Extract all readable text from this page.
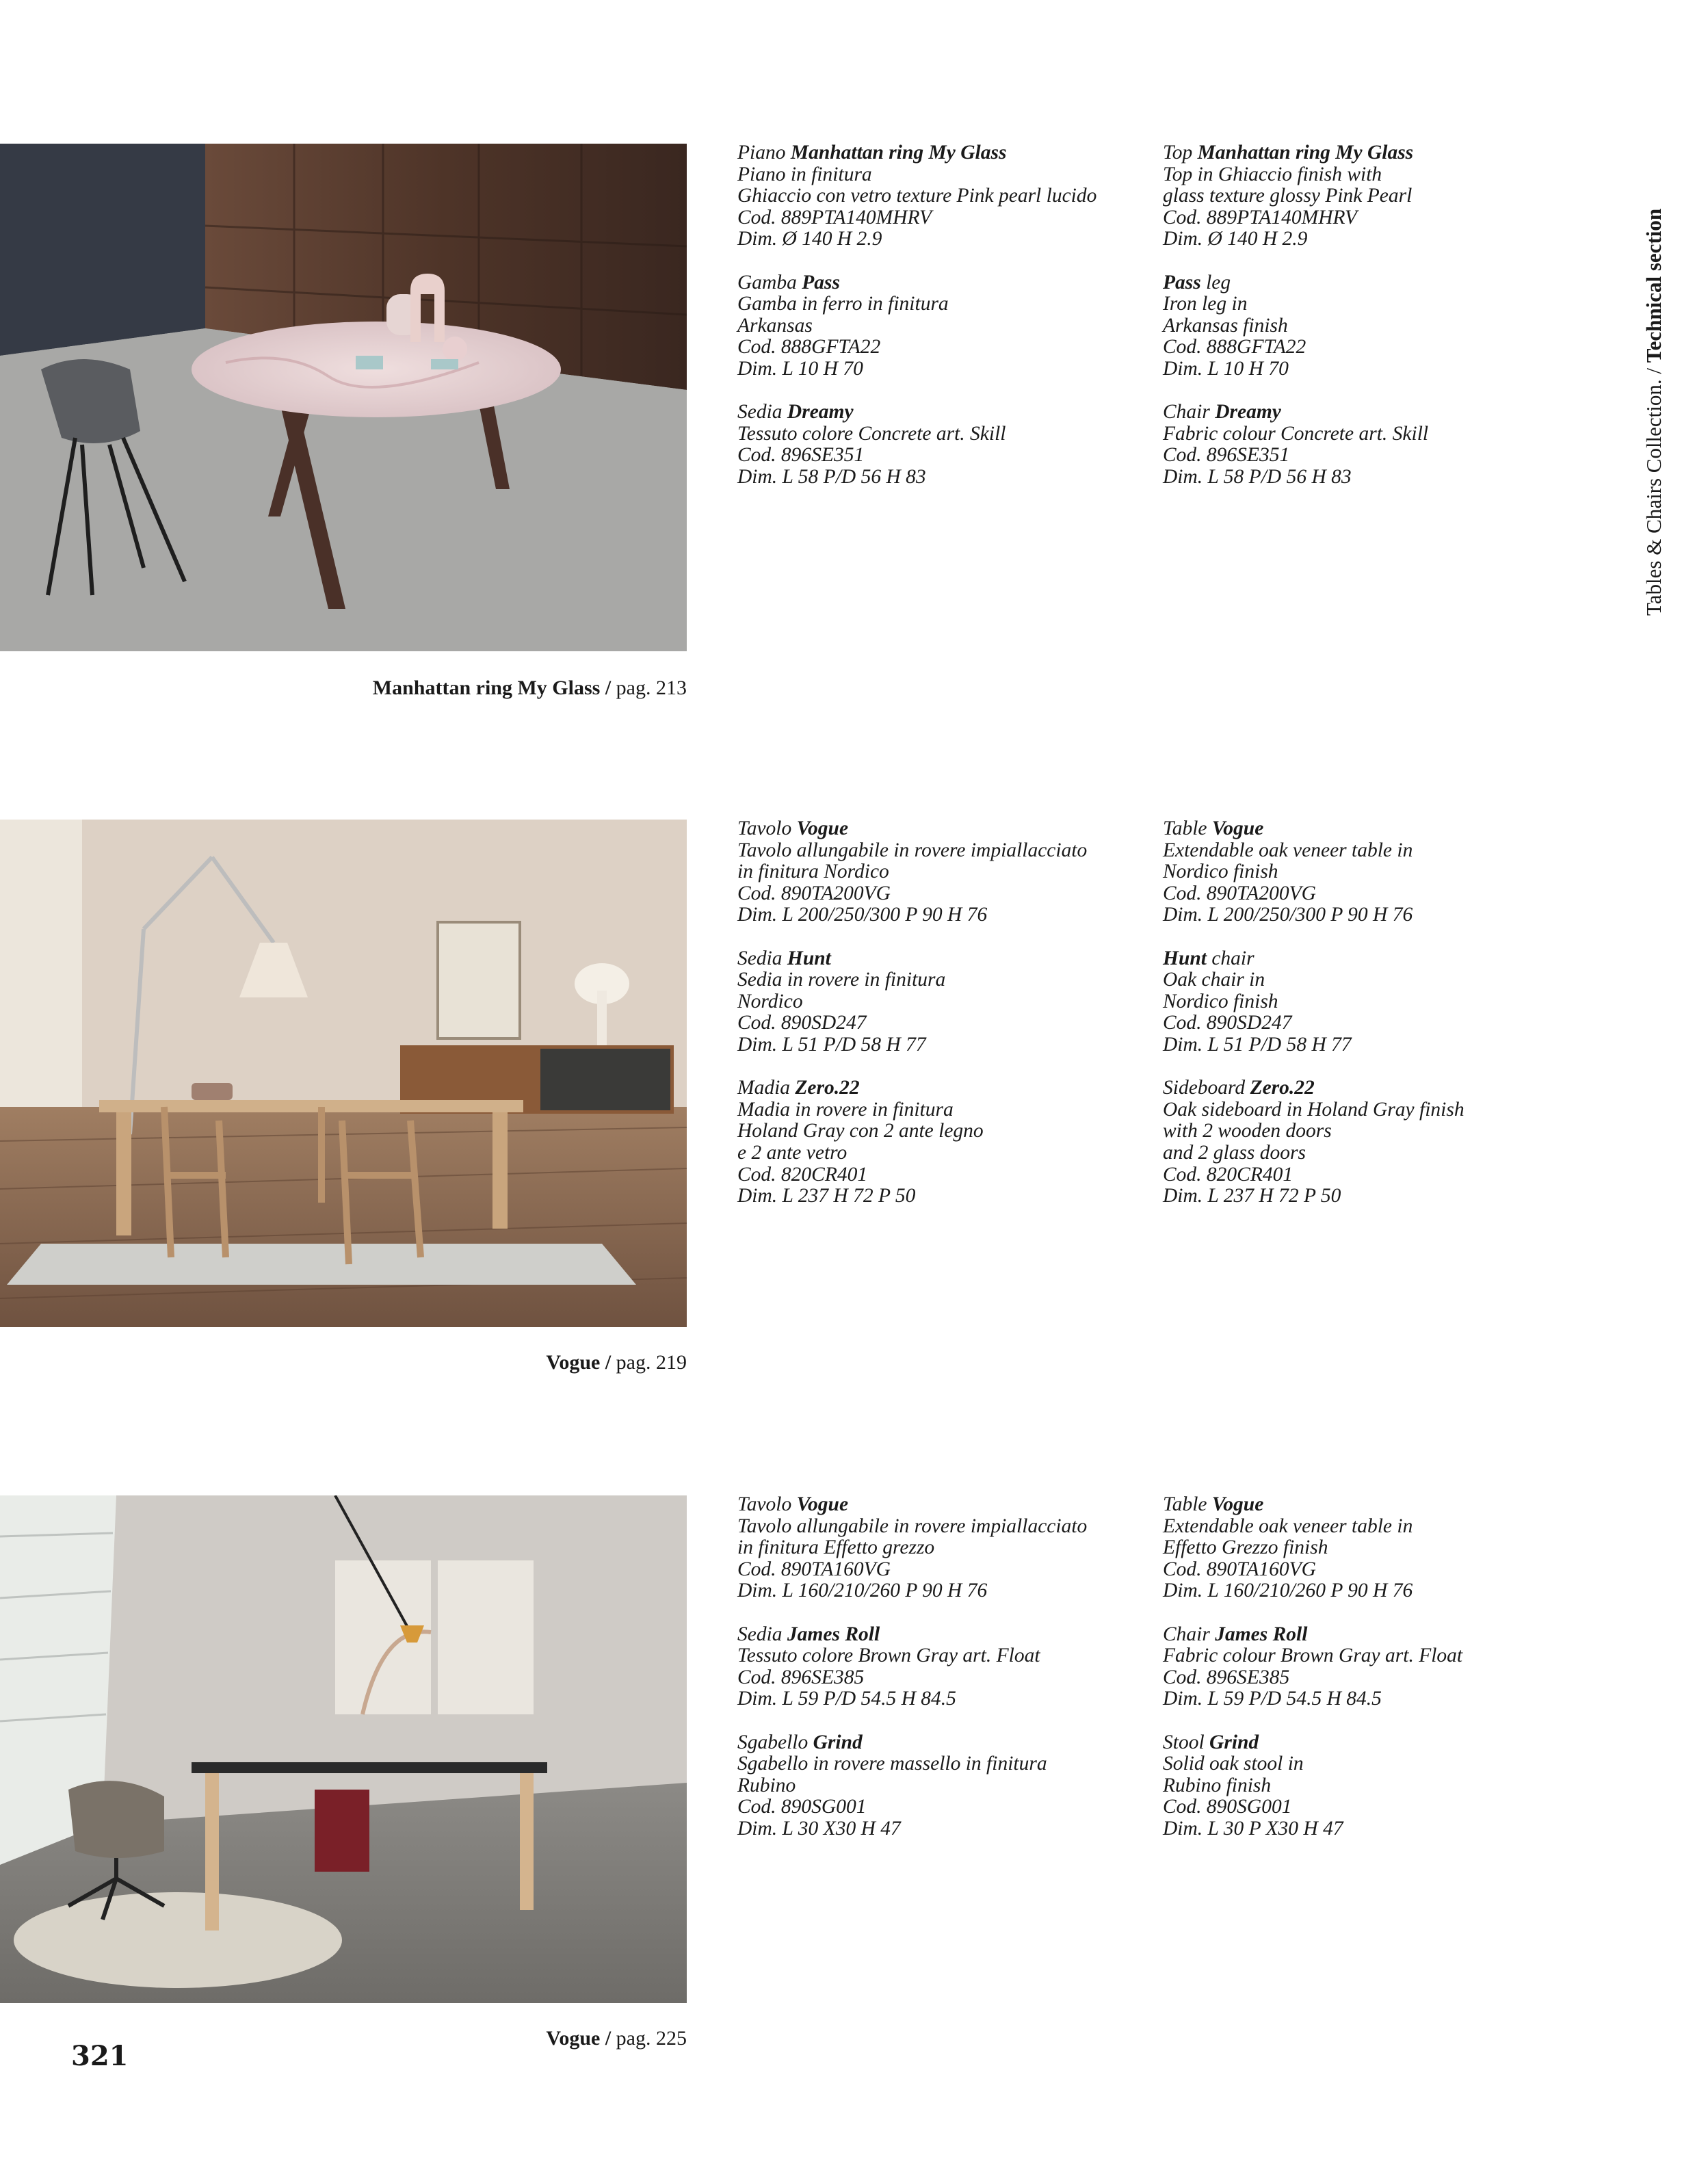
Manhattan ring My Glass / pag. 213
Piano Manhattan ring My Glass
Piano in finitura
Ghiaccio con vetro texture Pink pearl lucido
Cod. 889PTA140MHRV
Dim. Ø 140 H 2.9
Gamba Pass
Gamba in ferro in finitura
Arkansas
Cod. 888GFTA22
Dim. L 10 H 70
Sedia Dreamy
Tessuto colore Concrete art. Skill
Cod. 896SE351
Dim. L 58 P/D 56 H 83
Top Manhattan ring My Glass
Top in Ghiaccio finish with
glass texture glossy Pink Pearl
Cod. 889PTA140MHRV
Dim. Ø 140 H 2.9
Pass leg
Iron leg in
Arkansas finish
Cod. 888GFTA22
Dim. L 10 H 70
Chair Dreamy
Fabric colour Concrete art. Skill
Cod. 896SE351
Dim. L 58 P/D 56 H 83
Vogue / pag. 219
Tavolo Vogue
Tavolo allungabile in rovere impiallacciato
in finitura Nordico
Cod. 890TA200VG
Dim. L 200/250/300 P 90 H 76
Sedia Hunt
Sedia in rovere in finitura
Nordico
Cod. 890SD247
Dim. L 51 P/D 58 H 77
Madia Zero.22
Madia in rovere in finitura
Holand Gray con 2 ante legno
e 2 ante vetro
Cod. 820CR401
Dim. L 237 H 72 P 50
Table Vogue
Extendable oak veneer table in
Nordico finish
Cod. 890TA200VG
Dim. L 200/250/300 P 90 H 76
Hunt chair
Oak chair in
Nordico finish
Cod. 890SD247
Dim. L 51 P/D 58 H 77
Sideboard Zero.22
Oak sideboard in Holand Gray finish
with 2 wooden doors
and 2 glass doors
Cod. 820CR401
Dim. L 237 H 72 P 50
Vogue / pag. 225
Tavolo Vogue
Tavolo allungabile in rovere impiallacciato
in finitura Effetto grezzo
Cod. 890TA160VG
Dim. L 160/210/260 P 90 H 76
Sedia James Roll
Tessuto colore Brown Gray art. Float
Cod. 896SE385
Dim. L 59 P/D 54.5 H 84.5
Sgabello Grind
Sgabello in rovere massello in finitura
Rubino
Cod. 890SG001
Dim. L 30 X30 H 47
Table Vogue
Extendable oak veneer table in
Effetto Grezzo finish
Cod. 890TA160VG
Dim. L 160/210/260 P 90 H 76
Chair James Roll
Fabric colour Brown Gray art. Float
Cod. 896SE385
Dim. L 59 P/D 54.5 H 84.5
Stool Grind
Solid oak stool in
Rubino finish
Cod. 890SG001
Dim. L 30 P X30 H 47
Tables & Chairs Collection. / Technical section
321
